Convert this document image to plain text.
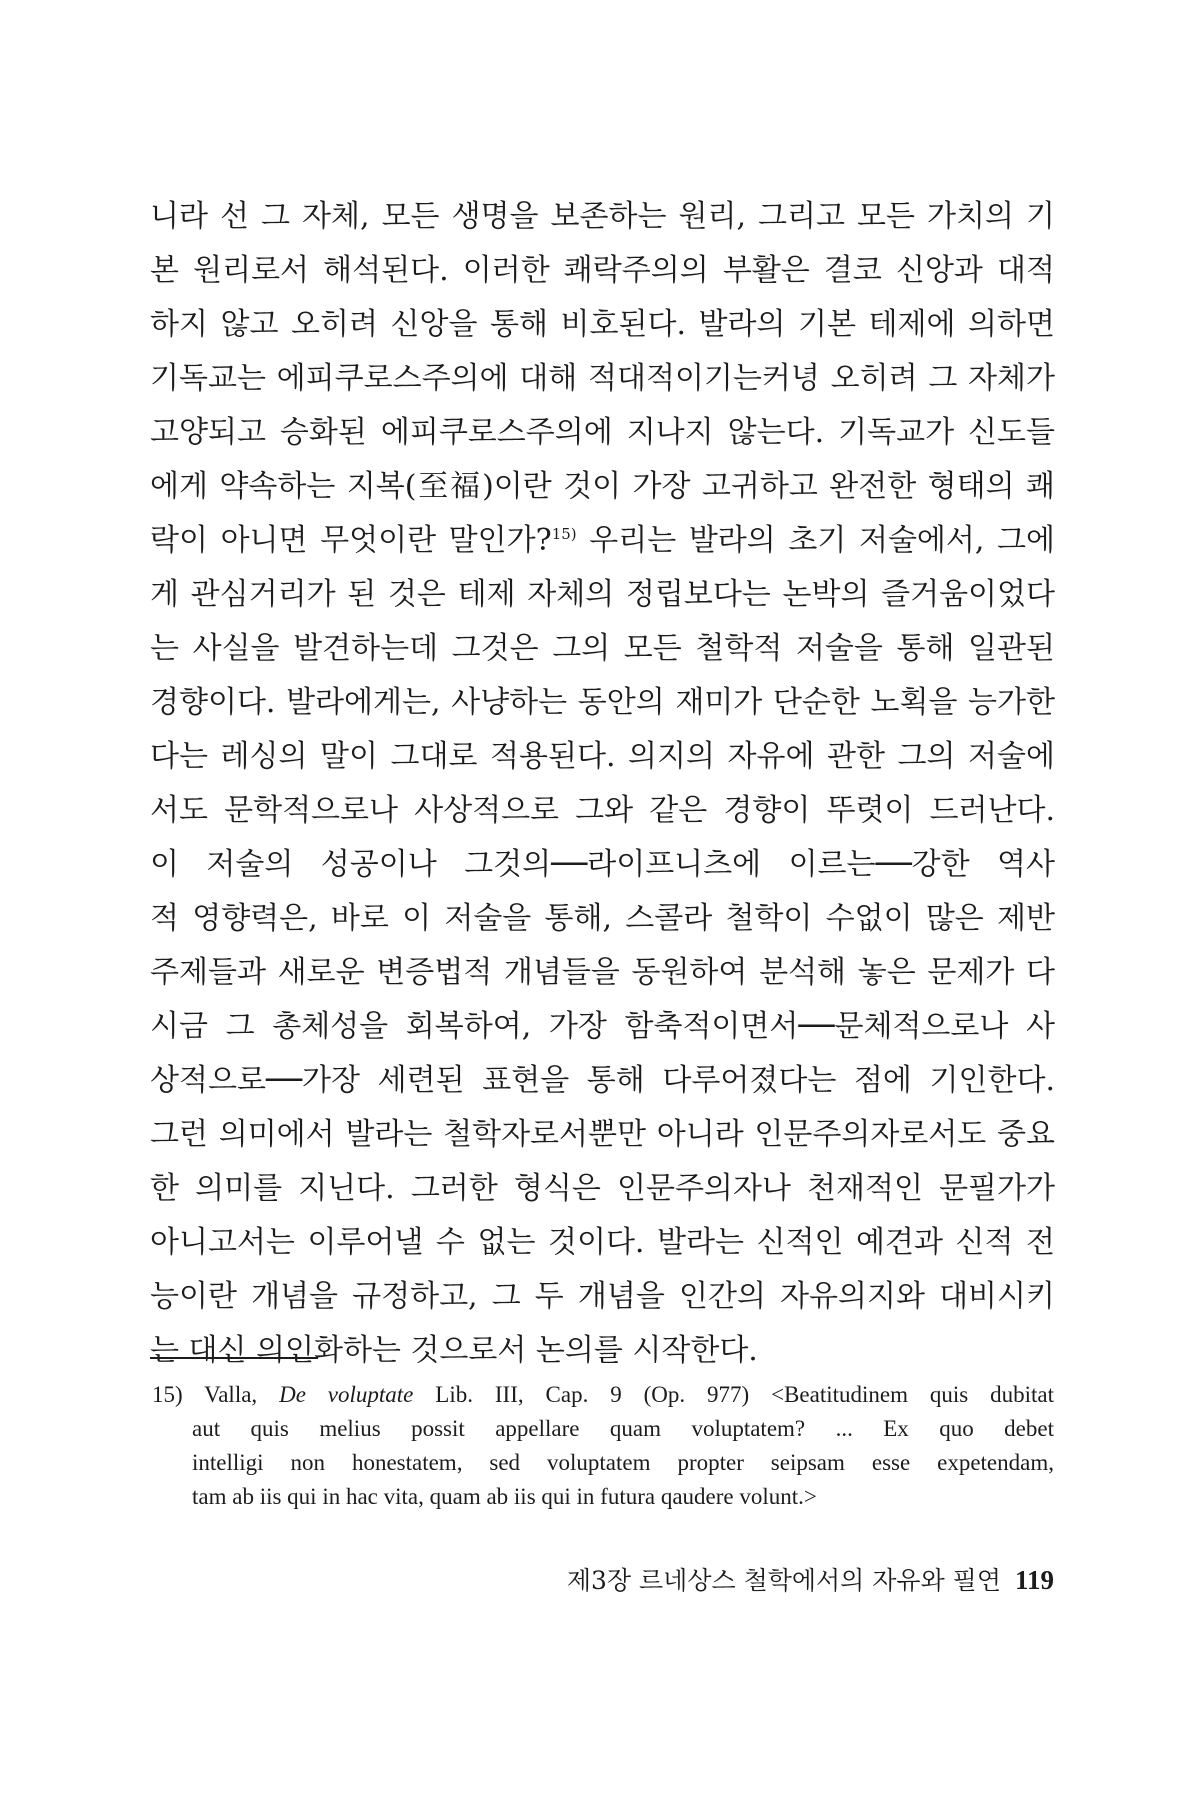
니라 선 그 자체, 모든 생명을 보존하는 원리, 그리고 모든 가치의 기
본 원리로서 해석된다. 이러한 쾌락주의의 부활은 결코 신앙과 대적
하지 않고 오히려 신앙을 통해 비호된다. 발라의 기본 테제에 의하면
기독교는 에피쿠로스주의에 대해 적대적이기는커녕 오히려 그 자체가
고양되고 승화된 에피쿠로스주의에 지나지 않는다. 기독교가 신도들
에게 약속하는 지복(至福)이란 것이 가장 고귀하고 완전한 형태의 쾌
락이 아니면 무엇이란 말인가?$^{15)}$ 우리는 발라의 초기 저술에서, 그에
게 관심거리가 된 것은 테제 자체의 정립보다는 논박의 즐거움이었다
는 사실을 발견하는데 그것은 그의 모든 철학적 저술을 통해 일관된
경향이다. 발라에게는, 사냥하는 동안의 재미가 단순한 노획을 능가한
다는 레싱의 말이 그대로 적용된다. 의지의 자유에 관한 그의 저술에
서도 문학적으로나 사상적으로 그와 같은 경향이 뚜렷이 드러난다.
이 저술의 성공이나 그것의──라이프니츠에 이르는──강한 역사
적 영향력은, 바로 이 저술을 통해, 스콜라 철학이 수없이 많은 제반
주제들과 새로운 변증법적 개념들을 동원하여 분석해 놓은 문제가 다
시금 그 총체성을 회복하여, 가장 함축적이면서──문체적으로나 사
상적으로──가장 세련된 표현을 통해 다루어졌다는 점에 기인한다.
그런 의미에서 발라는 철학자로서뿐만 아니라 인문주의자로서도 중요
한 의미를 지닌다. 그러한 형식은 인문주의자나 천재적인 문필가가
아니고서는 이루어낼 수 없는 것이다. 발라는 신적인 예견과 신적 전
능이란 개념을 규정하고, 그 두 개념을 인간의 자유의지와 대비시키
는 대신 의인화하는 것으로서 논의를 시작한다.
15) Valla, De voluptate Lib. III, Cap. 9 (Op. 977) <Beatitudinem quis dubitat
aut quis melius possit appellare quam voluptatem? ... Ex quo debet
intelligi non honestatem, sed voluptatem propter seipsam esse expetendam,
tam ab iis qui in hac vita, quam ab iis qui in futura qaudere volunt.>
제3장 르네상스 철학에서의 자유와 필연 119
